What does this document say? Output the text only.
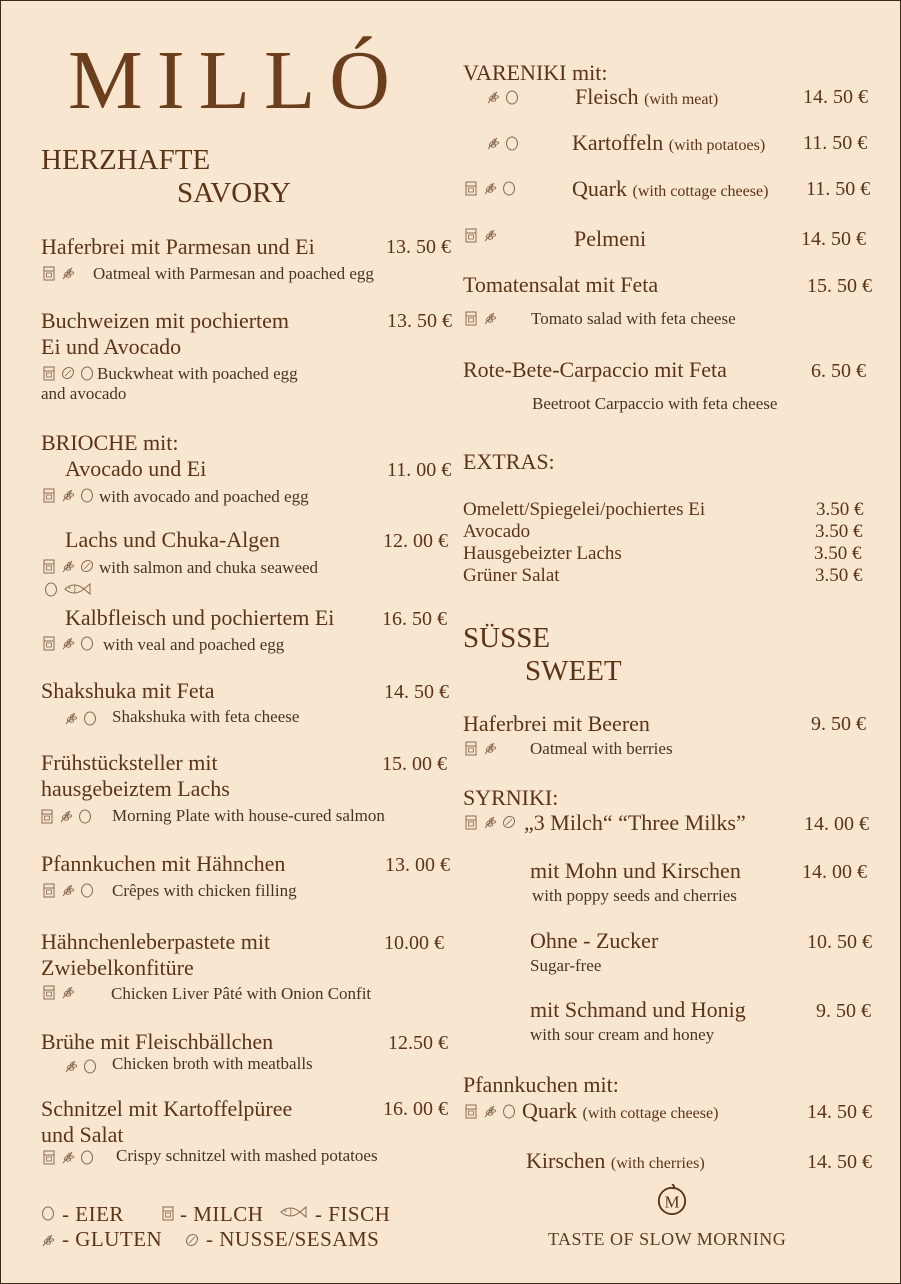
MILLÓ
HERZHAFTE
SAVORY
Haferbrei mit Parmesan und Ei	13. 50 €
Oatmeal with Parmesan and poached egg
Buchweizen mit pochiertem
Ei und Avocado
13. 50 €
Buckwheat with poached egg
and avocado
BRIOCHE mit:
Avocado und Ei	11. 00 €
with avocado and poached egg
Lachs und Chuka-Algen	12. 00 €
with salmon and chuka seaweed
Kalbfleisch und pochiertem Ei 16. 50 €
with veal and poached egg
Shakshuka mit Feta	14. 50 €
Shakshuka with feta cheese
Frühstücksteller mit
hausgebeiztem Lachs
15. 00 €
Morning Plate with house-cured salmon
Pfannkuchen mit Hähnchen	13. 00 €
Crêpes with chicken filling
Hähnchenleberpastete mit
Zwiebelkonfitüre
10.00 €
Chicken Liver Pâté with Onion Confit
Brühe mit Fleischbällchen	12.50 €
Chicken broth with meatballs
Schnitzel mit Kartoffelpüree
und Salat
16. 00 €
Crispy schnitzel with mashed potatoes
- EIER	- MILCH - FISCH
- GLUTEN - NUSSE/SESAMS
VARENIKI mit:
Fleisch (with meat)	14. 50 €
Kartoffeln (with potatoes) 11. 50 €
Quark (with cottage cheese) 11. 50 €
Pelmeni	14. 50 €
Tomatensalat mit Feta	15. 50 €
Tomato salad with feta cheese
Rote-Bete-Carpaccio mit Feta	6. 50 €
Beetroot Carpaccio with feta cheese
EXTRAS:
Omelett/Spiegelei/pochiertes Ei	3.50 €
Avocado	3.50 €
Hausgebeizter Lachs	3.50 €
Grüner Salat	3.50 €
SÜSSE
SWEET
Haferbrei mit Beeren	9. 50 €
Oatmeal with berries
SYRNIKI:
„3 Milch“ “Three Milks”	14. 00 €
mit Mohn und Kirschen	14. 00 €
with poppy seeds and cherries
Ohne - Zucker	10. 50 €
Sugar-free
mit Schmand und Honig	9. 50 €
with sour cream and honey
Pfannkuchen mit:
Quark (with cottage cheese)	14. 50 €
Kirschen (with cherries)	14. 50 €
M
TASTE OF SLOW MORNING
